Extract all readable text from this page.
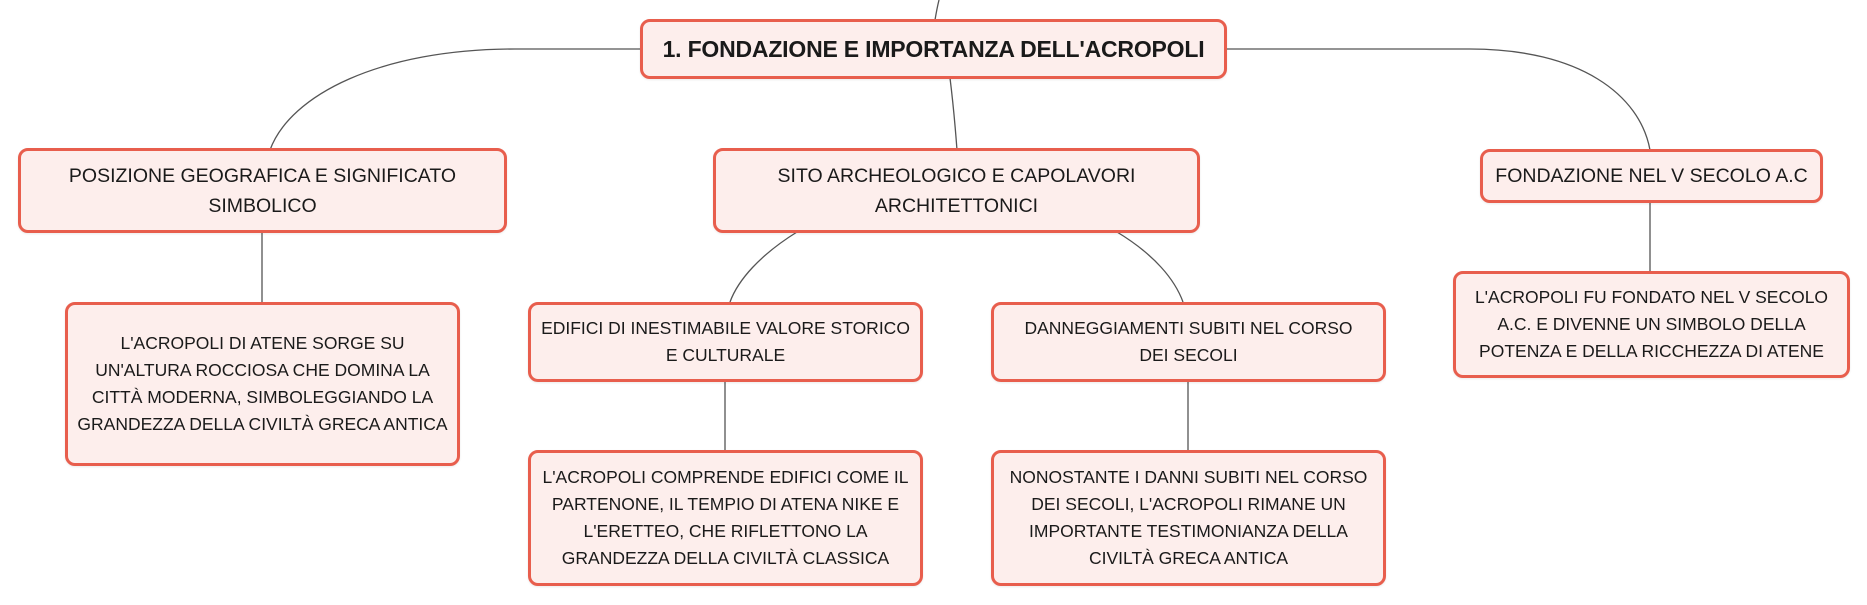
1. FONDAZIONE E IMPORTANZA DELL'ACROPOLI
POSIZIONE GEOGRAFICA E SIGNIFICATO SIMBOLICO
SITO ARCHEOLOGICO E CAPOLAVORI ARCHITETTONICI
FONDAZIONE NEL V SECOLO A.C
L'ACROPOLI DI ATENE SORGE SU UN'ALTURA ROCCIOSA CHE DOMINA LA CITTÀ MODERNA, SIMBOLEGGIANDO LA GRANDEZZA DELLA CIVILTÀ GRECA ANTICA
EDIFICI DI INESTIMABILE VALORE STORICO E CULTURALE
DANNEGGIAMENTI SUBITI NEL CORSO DEI SECOLI
L'ACROPOLI COMPRENDE EDIFICI COME IL PARTENONE, IL TEMPIO DI ATENA NIKE E L'ERETTEO, CHE RIFLETTONO LA GRANDEZZA DELLA CIVILTÀ CLASSICA
NONOSTANTE I DANNI SUBITI NEL CORSO DEI SECOLI, L'ACROPOLI RIMANE UN IMPORTANTE TESTIMONIANZA DELLA CIVILTÀ GRECA ANTICA
L'ACROPOLI FU FONDATO NEL V SECOLO A.C. E DIVENNE UN SIMBOLO DELLA POTENZA E DELLA RICCHEZZA DI ATENE
